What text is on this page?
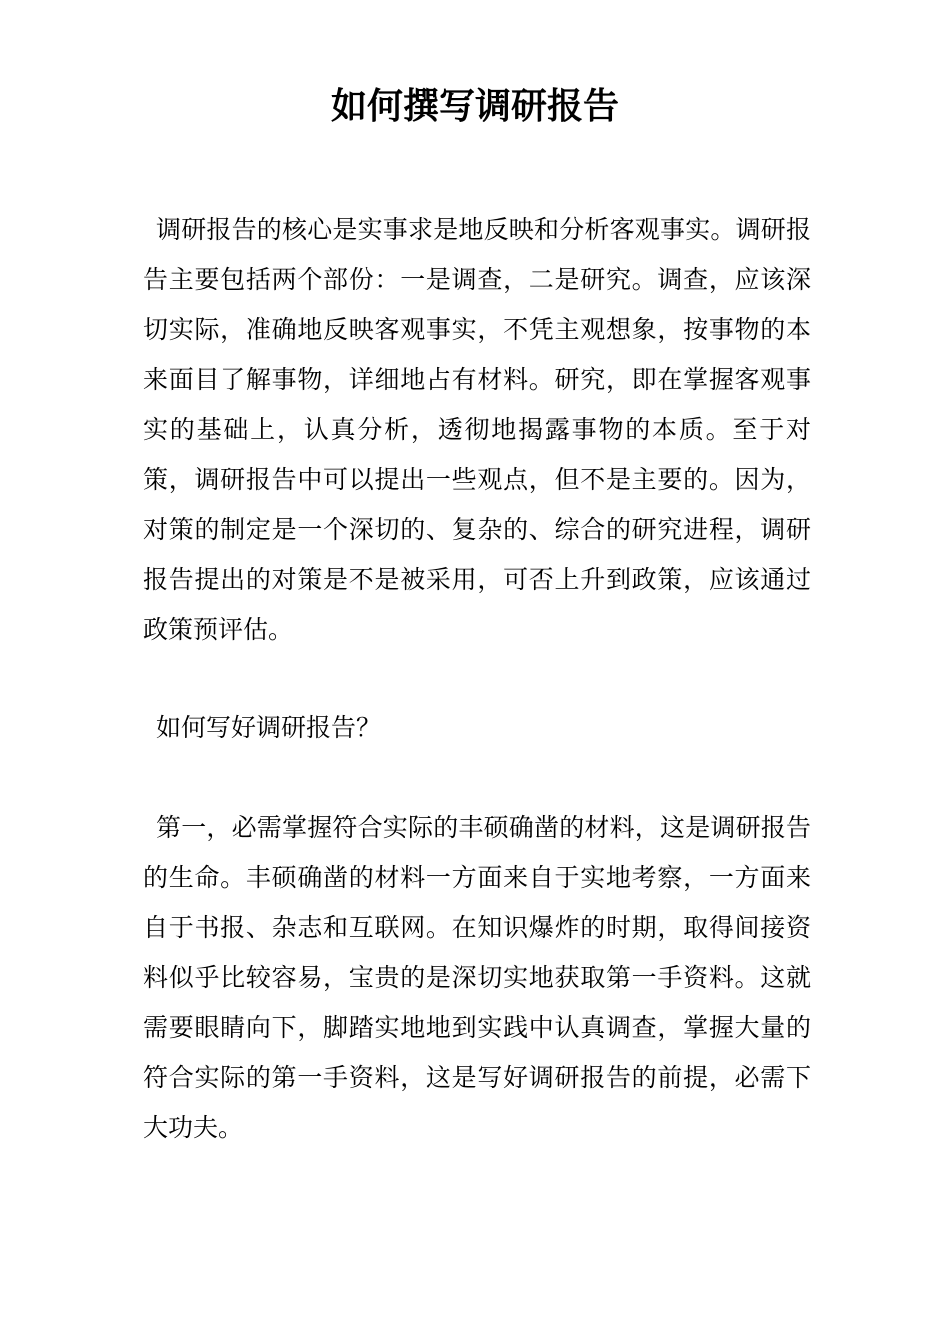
如何撰写调研报告

调研报告的核心是实事求是地反映和分析客观事实。调研报告主要包括两个部份：一是调查，二是研究。调查，应该深切实际，准确地反映客观事实，不凭主观想象，按事物的本来面目了解事物，详细地占有材料。研究，即在掌握客观事实的基础上，认真分析，透彻地揭露事物的本质。至于对策，调研报告中可以提出一些观点，但不是主要的。因为，对策的制定是一个深切的、复杂的、综合的研究进程，调研报告提出的对策是不是被采用，可否上升到政策，应该通过政策预评估。

如何写好调研报告？

第一，必需掌握符合实际的丰硕确凿的材料，这是调研报告的生命。丰硕确凿的材料一方面来自于实地考察，一方面来自于书报、杂志和互联网。在知识爆炸的时期，取得间接资料似乎比较容易，宝贵的是深切实地获取第一手资料。这就需要眼睛向下，脚踏实地地到实践中认真调查，掌握大量的符合实际的第一手资料，这是写好调研报告的前提，必需下大功夫。
